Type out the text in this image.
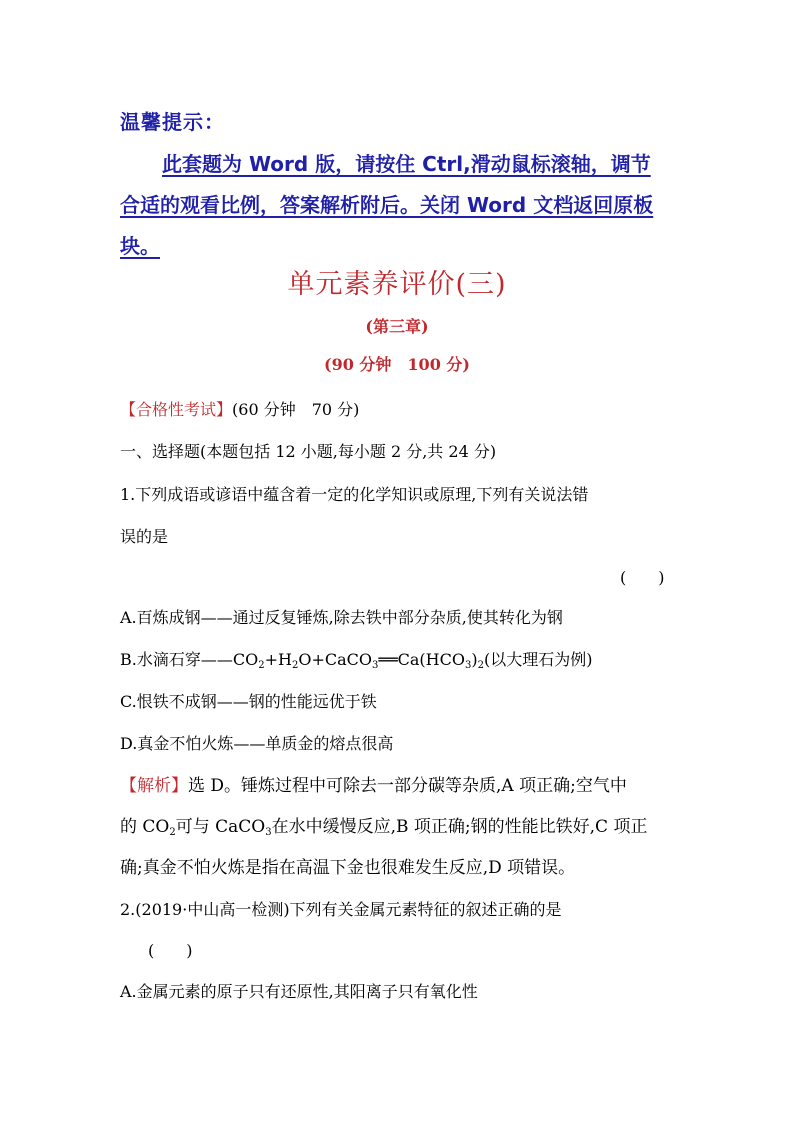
温馨提示：
此套题为 Word 版，请按住 Ctrl,滑动鼠标滚轴，调节
合适的观看比例，答案解析附后。关闭 Word 文档返回原板
块。
单元素养评价(三)
(第三章)
(90 分钟　100 分)
【合格性考试】(60 分钟　70 分)
一、选择题(本题包括 12 小题,每小题 2 分,共 24 分)
1.下列成语或谚语中蕴含着一定的化学知识或原理,下列有关说法错
误的是
(　　)
A.百炼成钢——通过反复锤炼,除去铁中部分杂质,使其转化为钢
B.水滴石穿$——CO_2+H_2O+CaCO_3══Ca(HCO_3)_2$(以大理石为例)
C.恨铁不成钢——钢的性能远优于铁
D.真金不怕火炼——单质金的熔点很高
【解析】选 D。锤炼过程中可除去一部分碳等杂质,A 项正确;空气中
的 $CO_2$可与 CaCO$_3$在水中缓慢反应,B 项正确;钢的性能比铁好,C 项正
确;真金不怕火炼是指在高温下金也很难发生反应,D 项错误。
2.(2019·中山高一检测)下列有关金属元素特征的叙述正确的是
(　　)
A.金属元素的原子只有还原性,其阳离子只有氧化性
